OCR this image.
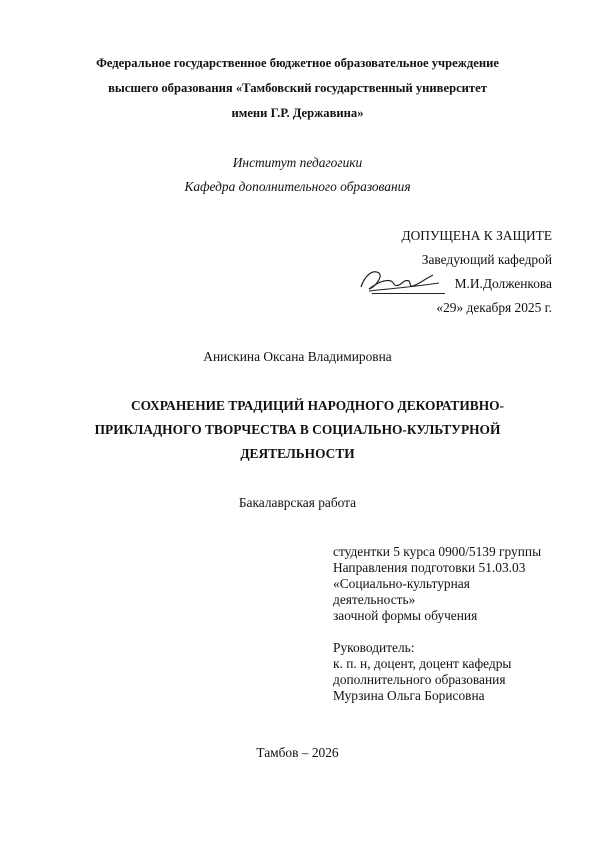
Федеральное государственное бюджетное образовательное учреждение
высшего образования «Тамбовский государственный университет
имени Г.Р. Державина»
Институт педагогики
Кафедра дополнительного образования
ДОПУЩЕНА К ЗАЩИТЕ
Заведующий кафедрой
М.И.Долженкова
«29» декабря 2025 г.
Анискина Оксана Владимировна
СОХРАНЕНИЕ ТРАДИЦИЙ НАРОДНОГО ДЕКОРАТИВНО-
ПРИКЛАДНОГО ТВОРЧЕСТВА В СОЦИАЛЬНО-КУЛЬТУРНОЙ
ДЕЯТЕЛЬНОСТИ
Бакалаврская работа
студентки 5 курса 0900/5139 группы
Направления подготовки 51.03.03
«Социально-культурная
деятельность»
заочной формы обучения
Руководитель:
к. п. н, доцент, доцент кафедры
дополнительного образования
Мурзина Ольга Борисовна
Тамбов – 2026
